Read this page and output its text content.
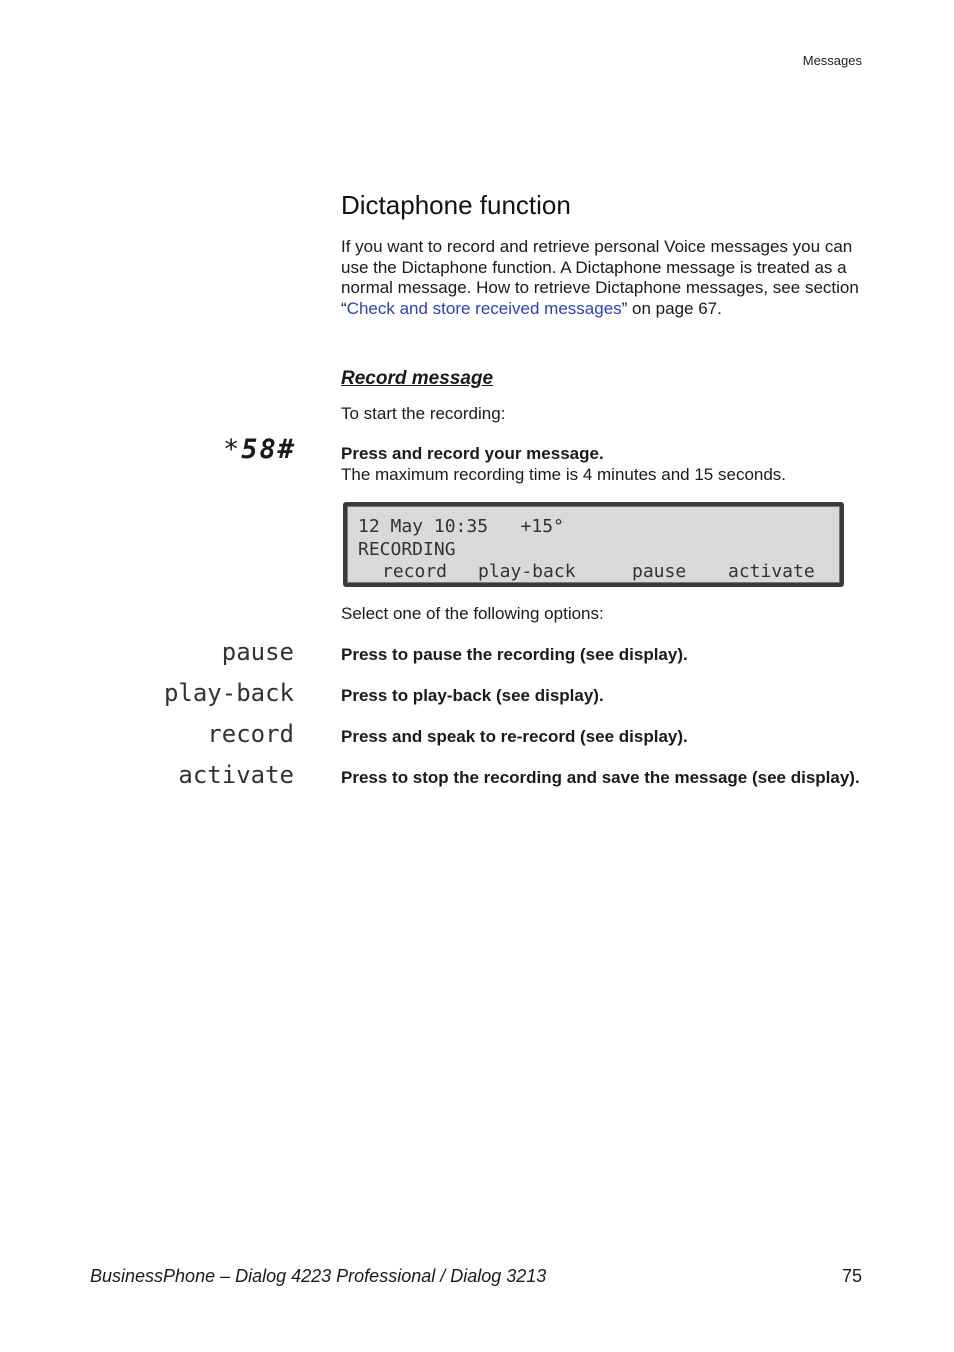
Messages
Dictaphone function

If you want to record and retrieve personal Voice messages you can use the Dictaphone function. A Dictaphone message is treated as a normal message. How to retrieve Dictaphone messages, see section “Check and store received messages” on page 67.

Record message
To start the recording:
*58#	Press and record your message.
The maximum recording time is 4 minutes and 15 seconds.
12 May 10:35   +15°
RECORDING
record play-back	pause activate
Select one of the following options:
pause	Press to pause the recording (see display).
play-back	Press to play-back (see display).
record	Press and speak to re-record (see display).
activate	Press to stop the recording and save the message (see display).
BusinessPhone – Dialog 4223 Professional / Dialog 3213	75
